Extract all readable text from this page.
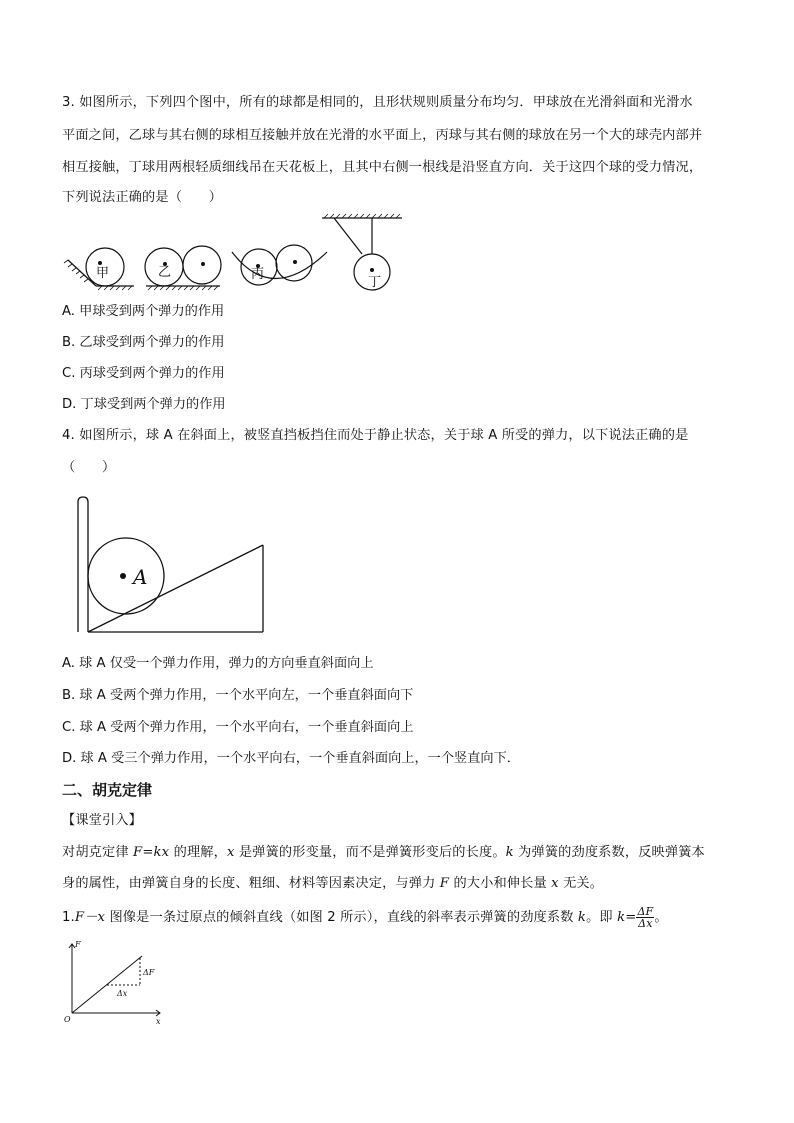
3. 如图所示，下列四个图中，所有的球都是相同的，且形状规则质量分布均匀．甲球放在光滑斜面和光滑水
平面之间，乙球与其右侧的球相互接触并放在光滑的水平面上，丙球与其右侧的球放在另一个大的球壳内部并
相互接触，丁球用两根轻质细线吊在天花板上，且其中右侧一根线是沿竖直方向．关于这四个球的受力情况，
下列说法正确的是（　　）
甲	乙	丙
丁
A. 甲球受到两个弹力的作用
B. 乙球受到两个弹力的作用
C. 丙球受到两个弹力的作用
D. 丁球受到两个弹力的作用
4. 如图所示，球 A 在斜面上，被竖直挡板挡住而处于静止状态，关于球 A 所受的弹力，以下说法正确的是
（　　）
A
A. 球 A 仅受一个弹力作用，弹力的方向垂直斜面向上
B. 球 A 受两个弹力作用，一个水平向左，一个垂直斜面向下
C. 球 A 受两个弹力作用，一个水平向右，一个垂直斜面向上
D. 球 A 受三个弹力作用，一个水平向右，一个垂直斜面向上，一个竖直向下．
二、胡克定律
【课堂引入】
对胡克定律 F=kx 的理解，x 是弹簧的形变量，而不是弹簧形变后的长度。k 为弹簧的劲度系数，反映弹簧本
身的属性，由弹簧自身的长度、粗细、材料等因素决定，与弹力 F 的大小和伸长量 x 无关。
1.F－x 图像是一条过原点的倾斜直线（如图 2 所示），直线的斜率表示弹簧的劲度系数 k。即 $k= \frac{\Delta F}{\Delta x}$ 。
F
x
O
ΔF
Δx
